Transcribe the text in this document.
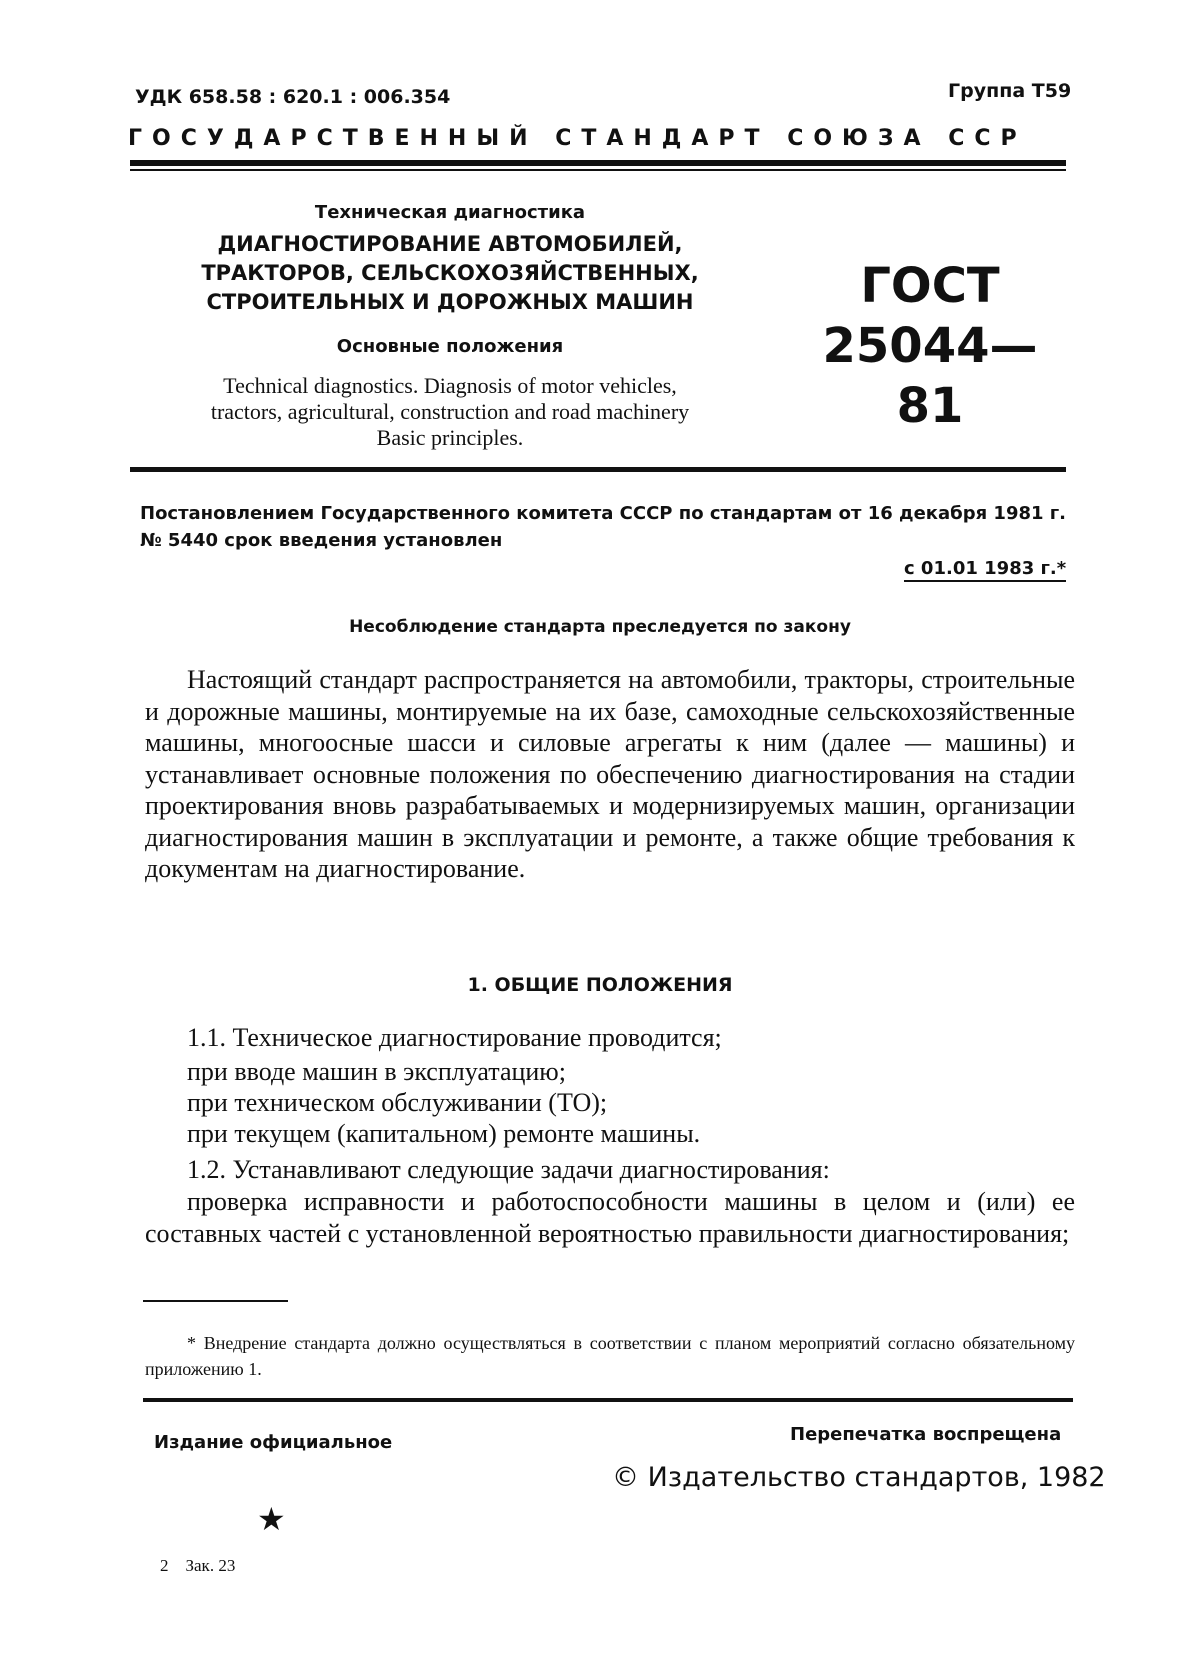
УДК 658.58 : 620.1 : 006.354	Группа Т59
ГОСУДАРСТВЕННЫЙ СТАНДАРТ СОЮЗА ССР
Техническая диагностика
ДИАГНОСТИРОВАНИЕ АВТОМОБИЛЕЙ,
ТРАКТОРОВ, СЕЛЬСКОХОЗЯЙСТВЕННЫХ,
СТРОИТЕЛЬНЫХ И ДОРОЖНЫХ МАШИН
Основные положения
Technical diagnostics. Diagnosis of motor vehicles,
tractors, agricultural, construction and road machinery
Basic principles.
ГОСТ
25044—81
Постановлением Государственного комитета СССР по стандартам от 16 декабря 1981 г. № 5440 срок введения установлен
с 01.01 1983 г.*
Несоблюдение стандарта преследуется по закону
Настоящий стандарт распространяется на автомобили, тракторы, строительные и дорожные машины, монтируемые на их базе, самоходные сельскохозяйственные машины, многоосные шасси и силовые агрегаты к ним (далее — машины) и устанавливает основные положения по обеспечению диагностирования на стадии проектирования вновь разрабатываемых и модернизируемых машин, организации диагностирования машин в эксплуатации и ремонте, а также общие требования к документам на диагностирование.
1. ОБЩИЕ ПОЛОЖЕНИЯ
1.1. Техническое диагностирование проводится;
при вводе машин в эксплуатацию;
при техническом обслуживании (ТО);
при текущем (капитальном) ремонте машины.
1.2. Устанавливают следующие задачи диагностирования:
проверка исправности и работоспособности машины в целом и (или) ее составных частей с установленной вероятностью правильности диагностирования;
* Внедрение стандарта должно осуществляться в соответствии с планом мероприятий согласно обязательному приложению 1.
Издание официальное	Перепечатка воспрещена
© Издательство стандартов, 1982
★
2    Зак. 23
